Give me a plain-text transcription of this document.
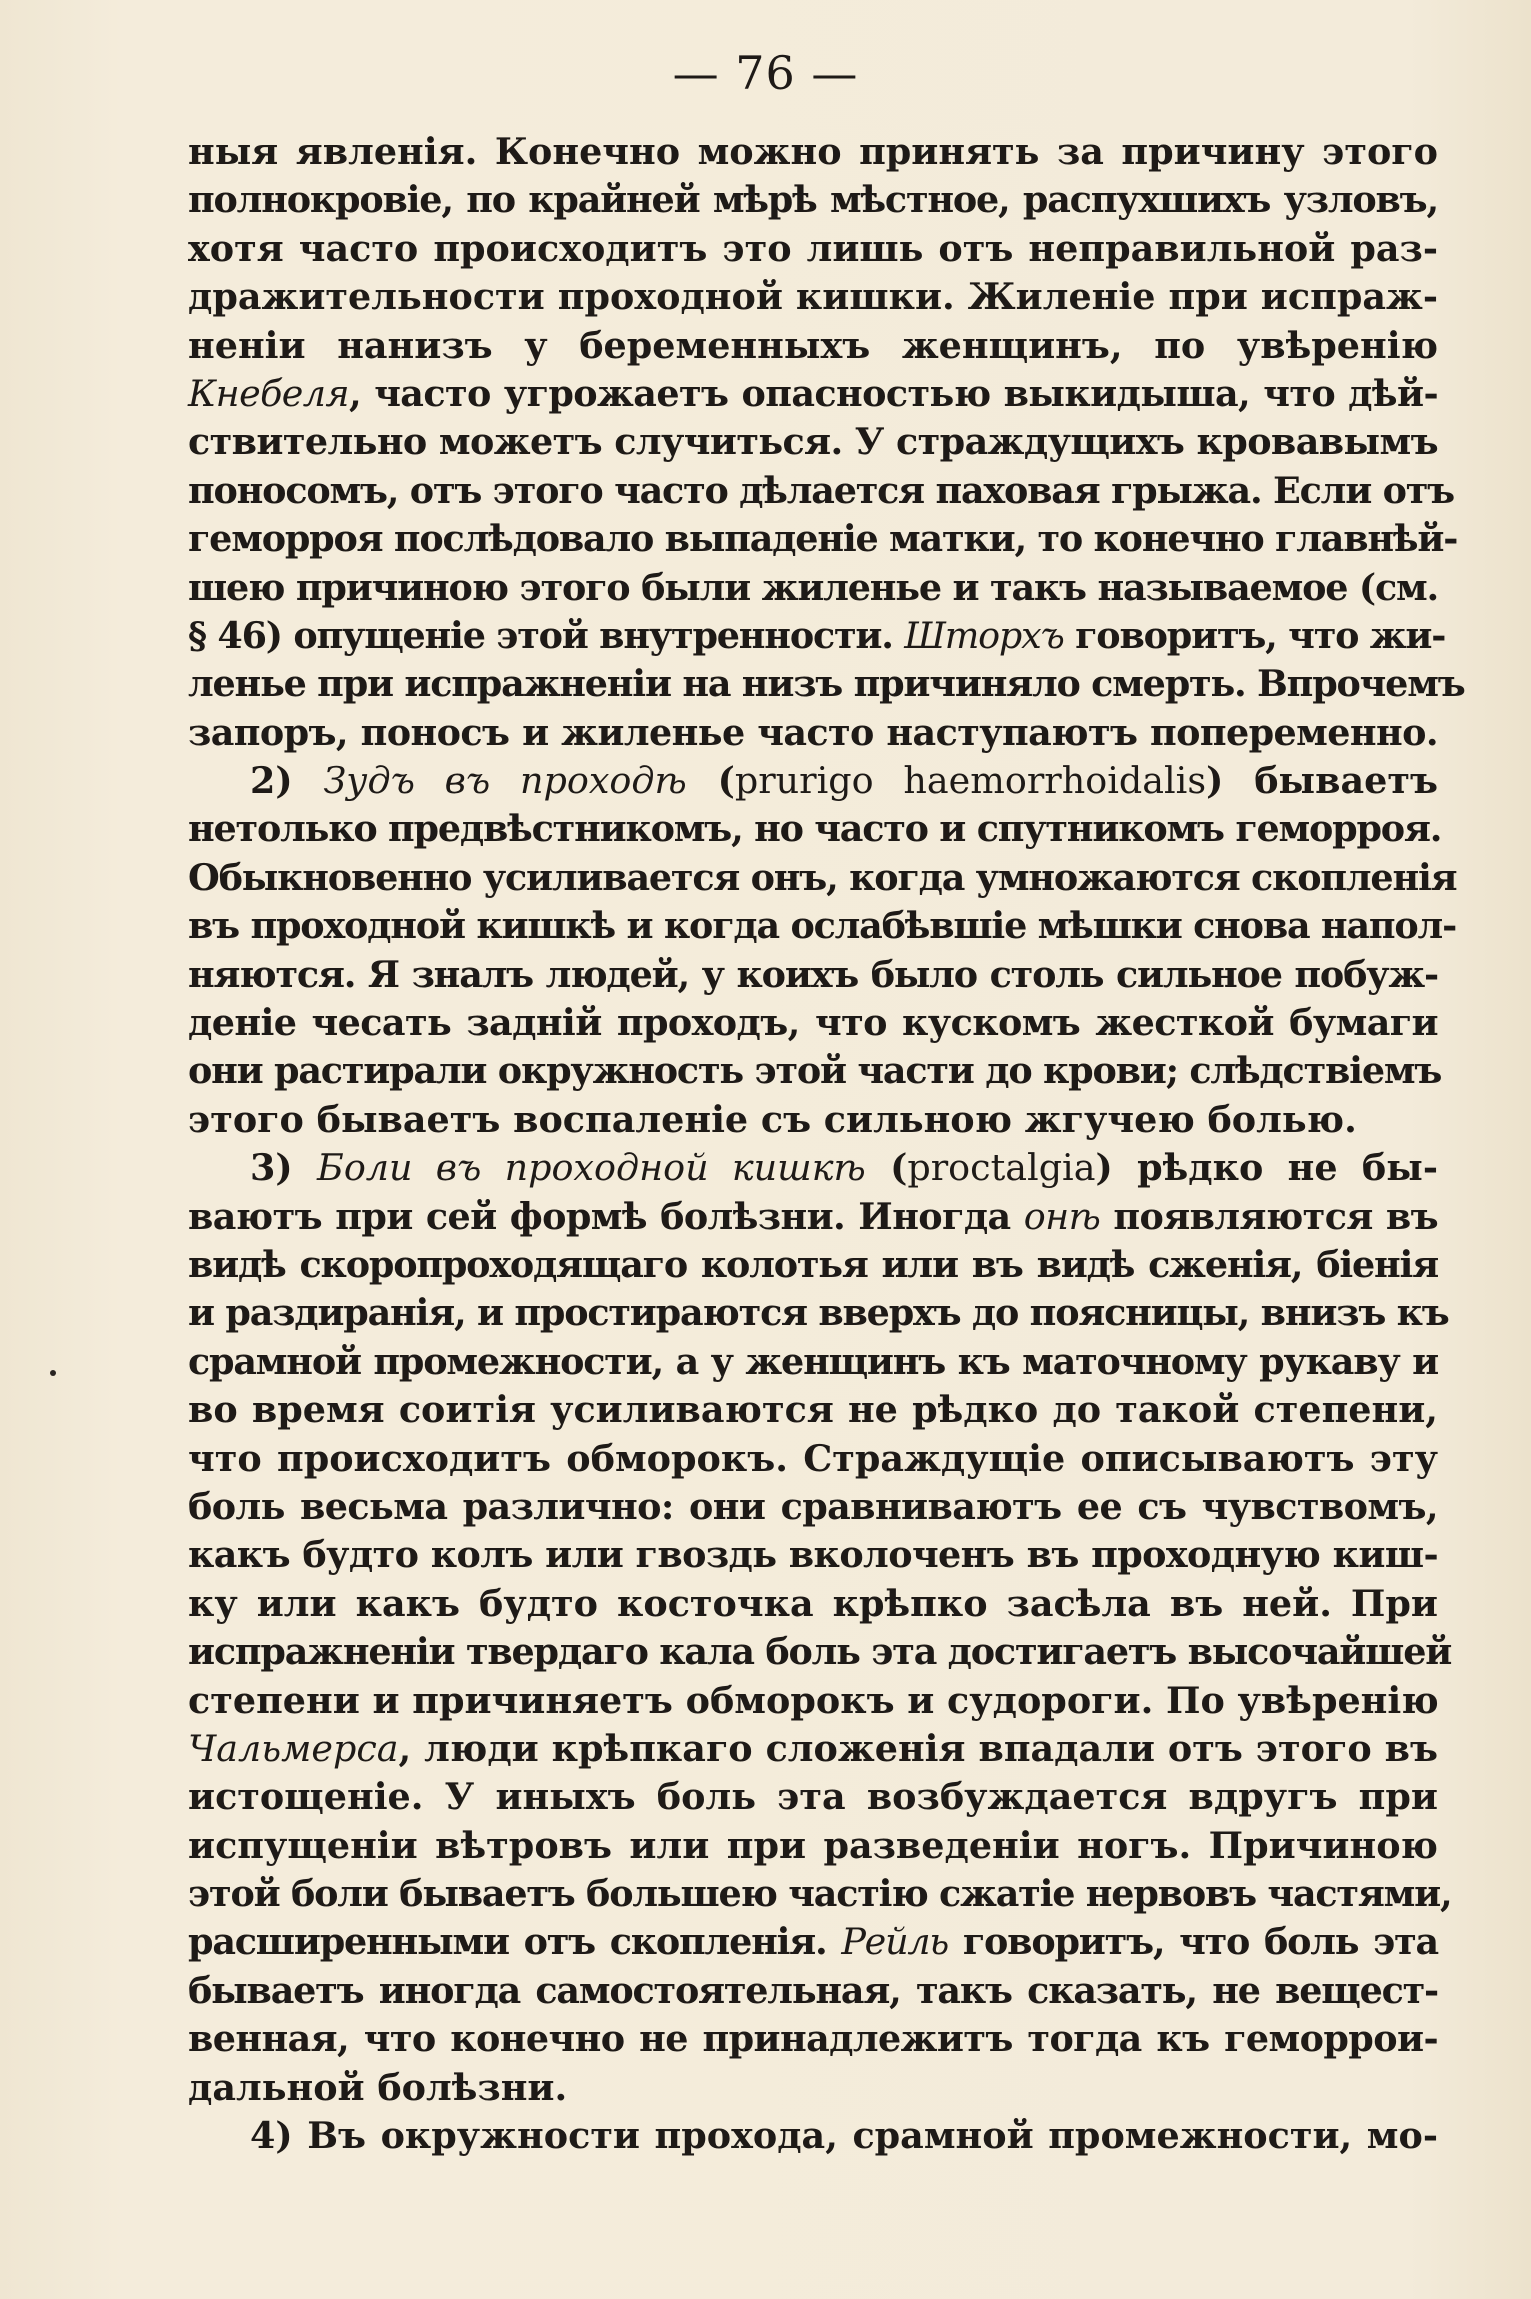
— 76 —
ныя явленія. Конечно можно принять за причину этого
полнокровіе, по крайней мѣрѣ мѣстное, распухшихъ узловъ,
хотя часто происходитъ это лишь отъ неправильной раз-
дражительности проходной кишки. Жиленіе при испраж-
неніи нанизъ у беременныхъ женщинъ, по увѣренію
Кнебеля, часто угрожаетъ опасностью выкидыша, что дѣй-
ствительно можетъ случиться. У страждущихъ кровавымъ
поносомъ, отъ этого часто дѣлается паховая грыжа. Если отъ
геморроя послѣдовало выпаденіе матки, то конечно главнѣй-
шею причиною этого были жиленье и такъ называемое (см.
§ 46) опущеніе этой внутренности. Шторхъ говоритъ, что жи-
ленье при испражненіи на низъ причиняло смерть. Впрочемъ
запоръ, поносъ и жиленье часто наступаютъ попеременно.
2) Зудъ въ проходѣ (prurigo haemorrhoidalis) бываетъ
нетолько предвѣстникомъ, но часто и спутникомъ геморроя.
Обыкновенно усиливается онъ, когда умножаются скопленія
въ проходной кишкѣ и когда ослабѣвшіе мѣшки снова напол-
няются. Я зналъ людей, у коихъ было столь сильное побуж-
деніе чесать задній проходъ, что кускомъ жесткой бумаги
они растирали окружность этой части до крови; слѣдствіемъ
этого бываетъ воспаленіе съ сильною жгучею болью.
3) Боли въ проходной кишкѣ (proctalgia) рѣдко не бы-
ваютъ при сей формѣ болѣзни. Иногда онѣ появляются въ
видѣ скоропроходящаго колотья или въ видѣ сженія, біенія
и раздиранія, и простираются вверхъ до поясницы, внизъ къ
срамной промежности, а у женщинъ къ маточному рукаву и
во время соитія усиливаются не рѣдко до такой степени,
что происходитъ обморокъ. Страждущіе описываютъ эту
боль весьма различно: они сравниваютъ ее съ чувствомъ,
какъ будто колъ или гвоздь вколоченъ въ проходную киш-
ку или какъ будто косточка крѣпко засѣла въ ней. При
испражненіи твердаго кала боль эта достигаетъ высочайшей
степени и причиняетъ обморокъ и судороги. По увѣренію
Чальмерса, люди крѣпкаго сложенія впадали отъ этого въ
истощеніе. У иныхъ боль эта возбуждается вдругъ при
испущеніи вѣтровъ или при разведеніи ногъ. Причиною
этой боли бываетъ большею частію сжатіе нервовъ частями,
расширенными отъ скопленія. Рейль говоритъ, что боль эта
бываетъ иногда самостоятельная, такъ сказать, не вещест-
венная, что конечно не принадлежитъ тогда къ геморрои-
дальной болѣзни.
4) Въ окружности прохода, срамной промежности, мо-
